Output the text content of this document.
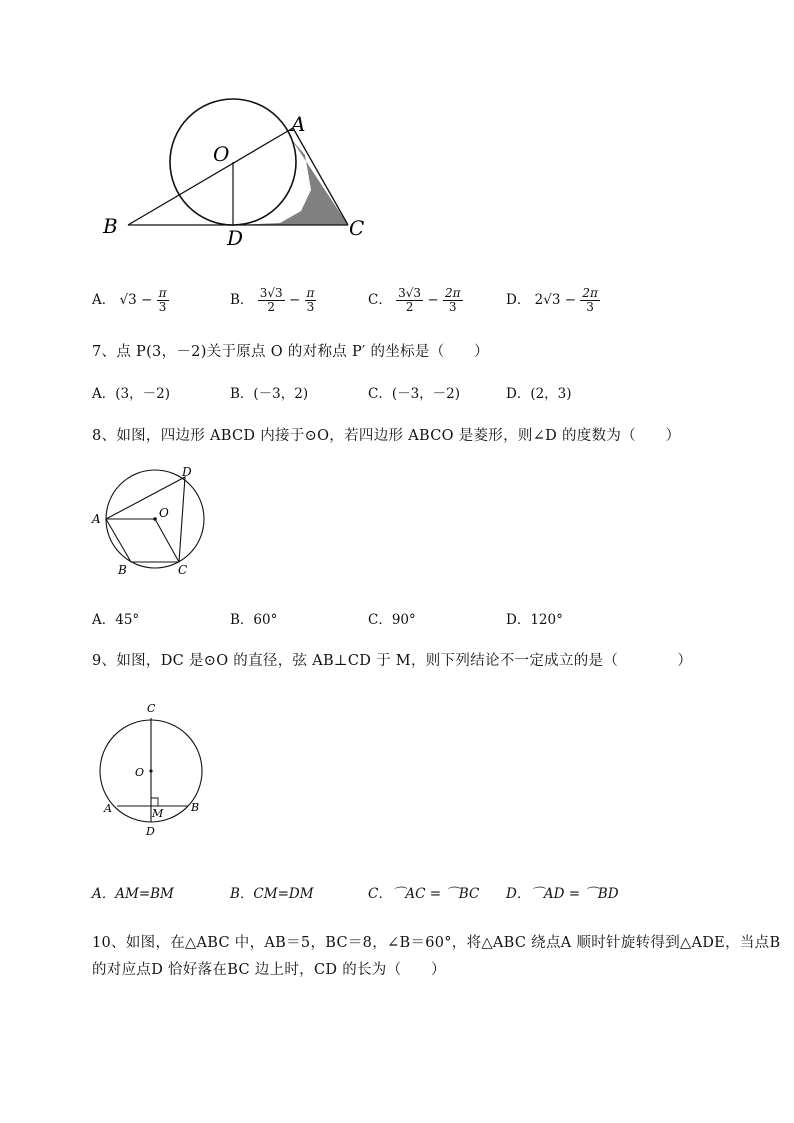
A
O
B	D	C
A． $√3 - \frac{\pi}{3}$	B． $\frac{3√3}{2} - \frac{\pi}{3}$	C． $\frac{3√3}{2} - \frac{2\pi}{3}$	D． $2√3 - \frac{2\pi}{3}$
7、点 P(3，－2)关于原点 O 的对称点 P′ 的坐标是（　　）
A．(3，－2)	B．(－3，2)	C．(－3，－2)	D．(2，3)
8、如图，四边形 ABCD 内接于⊙O，若四边形 ABCO 是菱形，则∠D 的度数为（　　）
A	O
B	C
D
A．45°	B．60°	C．90°	D．120°
9、如图，DC 是⊙O 的直径，弦 AB⊥CD 于 M，则下列结论不一定成立的是（　　　　）
C
O
A	M	B
D
A．AM=BM	B．CM=DM	C．⌒AC = ⌒BC	D．⌒AD = ⌒BD
10、如图，在△ABC 中，AB＝5，BC＝8，∠B＝60°，将△ABC 绕点A 顺时针旋转得到△ADE，当点B
的对应点D 恰好落在BC 边上时，CD 的长为（　　）
